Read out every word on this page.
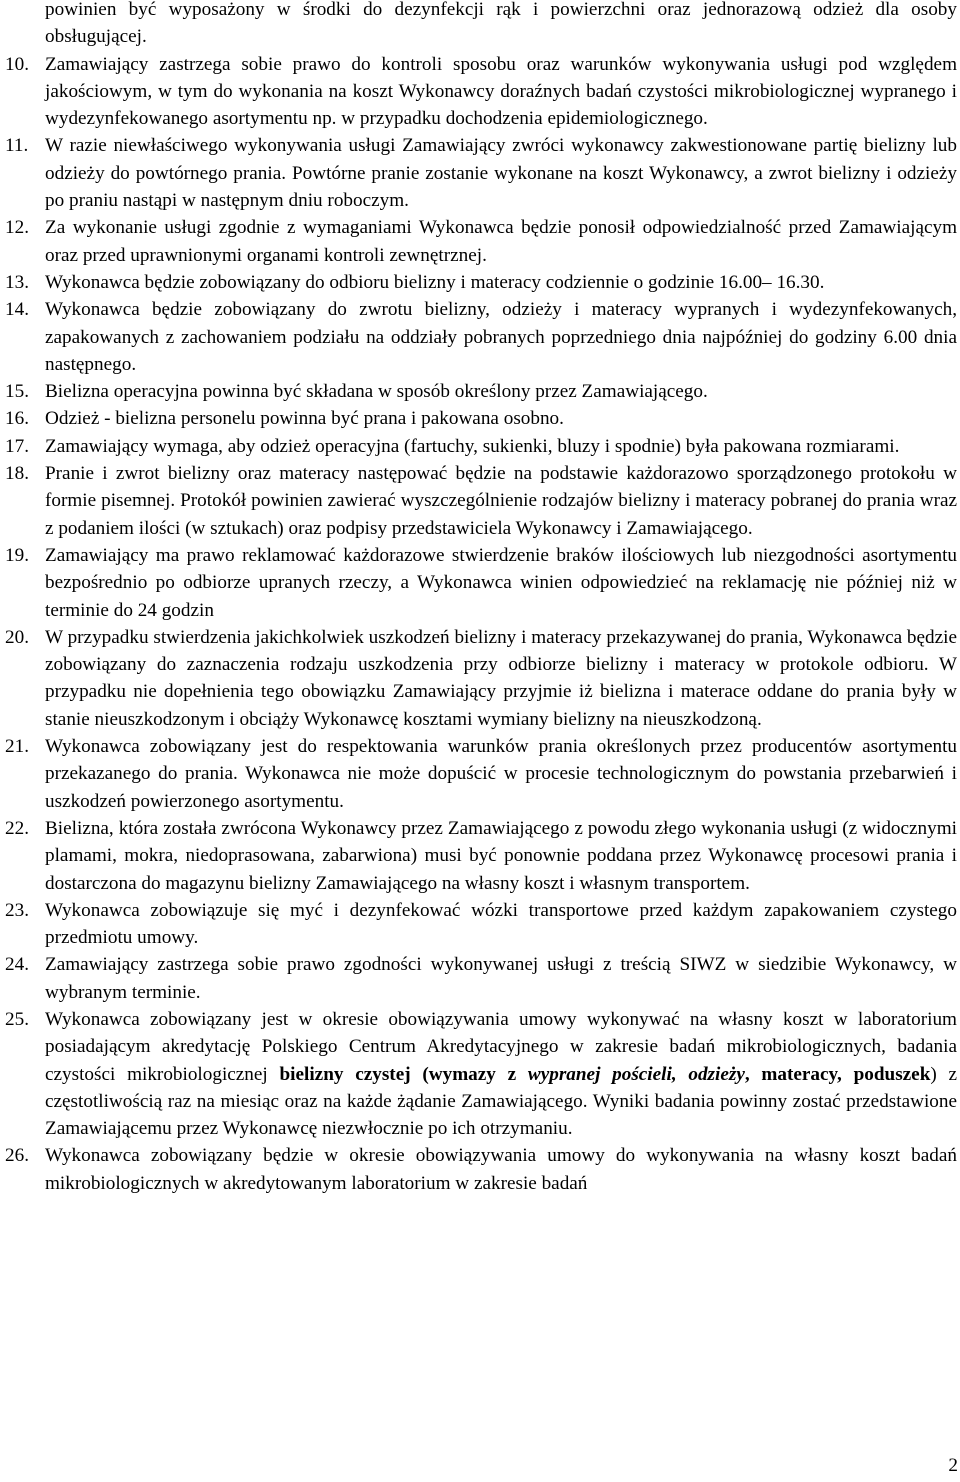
powinien być wyposażony w środki do dezynfekcji rąk i powierzchni oraz jednorazową odzież dla osoby obsługującej.
10. Zamawiający zastrzega sobie prawo do kontroli sposobu oraz warunków wykonywania usługi pod względem jakościowym, w tym do wykonania na koszt Wykonawcy doraźnych badań czystości mikrobiologicznej wypranego i wydezynfekowanego asortymentu np. w przypadku dochodzenia epidemiologicznego.
11. W razie niewłaściwego wykonywania usługi Zamawiający zwróci wykonawcy zakwestionowane partię bielizny lub odzieży do powtórnego prania. Powtórne pranie zostanie wykonane na koszt Wykonawcy, a zwrot bielizny i odzieży po praniu nastąpi w następnym dniu roboczym.
12. Za wykonanie usługi zgodnie z wymaganiami Wykonawca będzie ponosił odpowiedzialność przed Zamawiającym oraz przed uprawnionymi organami kontroli zewnętrznej.
13. Wykonawca będzie zobowiązany do odbioru bielizny i materacy codziennie o godzinie 16.00– 16.30.
14. Wykonawca będzie zobowiązany do zwrotu bielizny, odzieży i materacy wypranych i wydezynfekowanych, zapakowanych z zachowaniem podziału na oddziały pobranych poprzedniego dnia najpóźniej do godziny 6.00 dnia następnego.
15. Bielizna operacyjna powinna być składana w sposób określony przez Zamawiającego.
16. Odzież - bielizna personelu powinna być prana i pakowana osobno.
17. Zamawiający wymaga, aby odzież operacyjna (fartuchy, sukienki, bluzy i spodnie) była pakowana rozmiarami.
18. Pranie i zwrot bielizny oraz materacy następować będzie na podstawie każdorazowo sporządzonego protokołu w formie pisemnej. Protokół powinien zawierać wyszczególnienie rodzajów bielizny i materacy pobranej do prania wraz z podaniem ilości (w sztukach) oraz podpisy przedstawiciela Wykonawcy i Zamawiającego.
19. Zamawiający ma prawo reklamować każdorazowe stwierdzenie braków ilościowych lub niezgodności asortymentu bezpośrednio po odbiorze upranych rzeczy, a Wykonawca winien odpowiedzieć na reklamację nie później niż w terminie do 24 godzin
20. W przypadku stwierdzenia jakichkolwiek uszkodzeń bielizny i materacy przekazywanej do prania, Wykonawca będzie zobowiązany do zaznaczenia rodzaju uszkodzenia przy odbiorze bielizny i materacy w protokole odbioru. W przypadku nie dopełnienia tego obowiązku Zamawiający przyjmie iż bielizna i materace oddane do prania były w stanie nieuszkodzonym i obciąży Wykonawcę kosztami wymiany bielizny na nieuszkodzoną.
21. Wykonawca zobowiązany jest do respektowania warunków prania określonych przez producentów asortymentu przekazanego do prania. Wykonawca nie może dopuścić w procesie technologicznym do powstania przebarwień i uszkodzeń powierzonego asortymentu.
22. Bielizna, która została zwrócona Wykonawcy przez Zamawiającego z powodu złego wykonania usługi (z widocznymi plamami, mokra, niedoprasowana, zabarwiona) musi być ponownie poddana przez Wykonawcę procesowi prania i dostarczona do magazynu bielizny Zamawiającego na własny koszt i własnym transportem.
23. Wykonawca zobowiązuje się myć i dezynfekować wózki transportowe przed każdym zapakowaniem czystego przedmiotu umowy.
24. Zamawiający zastrzega sobie prawo zgodności wykonywanej usługi z treścią SIWZ w siedzibie Wykonawcy, w wybranym terminie.
25. Wykonawca zobowiązany jest w okresie obowiązywania umowy wykonywać na własny koszt w laboratorium posiadającym akredytację Polskiego Centrum Akredytacyjnego w zakresie badań mikrobiologicznych, badania czystości mikrobiologicznej bielizny czystej (wymazy z wypranej pościeli, odzieży, materacy, poduszek) z częstotliwością raz na miesiąc oraz na każde żądanie Zamawiającego. Wyniki badania powinny zostać przedstawione Zamawiającemu przez Wykonawcę niezwłocznie po ich otrzymaniu.
26. Wykonawca zobowiązany będzie w okresie obowiązywania umowy do wykonywania na własny koszt badań mikrobiologicznych w akredytowanym laboratorium w zakresie badań
2
